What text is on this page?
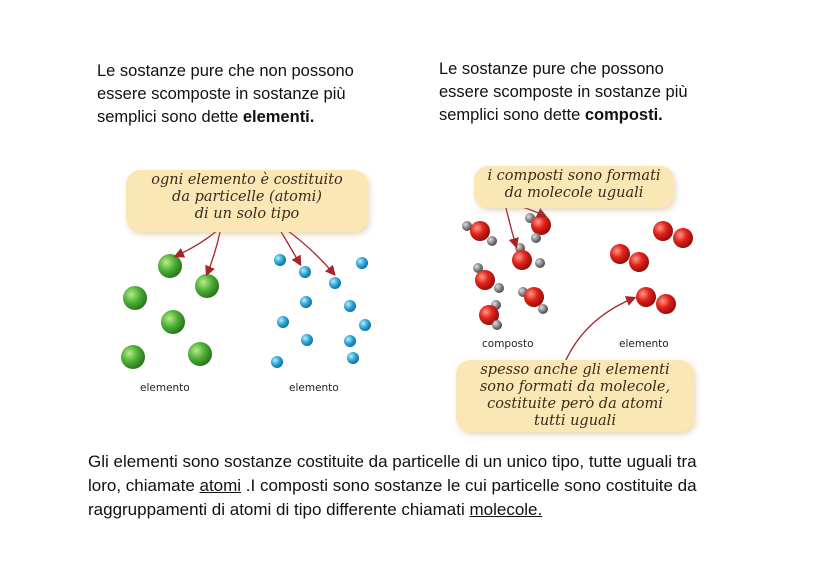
Le sostanze pure che non possono
essere scomposte in sostanze più
semplici sono dette elementi.
Le sostanze pure che possono
essere scomposte in sostanze più
semplici sono dette composti.
ogni elemento è costituito
da particelle (atomi)
di un solo tipo
i composti sono formati
da molecole uguali
spesso anche gli elementi
sono formati da molecole,
costituite però da atomi
tutti uguali
elemento	elemento
composto	elemento
Gli elementi sono sostanze costituite da particelle di un unico tipo, tutte uguali tra
loro, chiamate atomi .I composti sono sostanze le cui particelle sono costituite da
raggruppamenti di atomi di tipo differente chiamati molecole.
